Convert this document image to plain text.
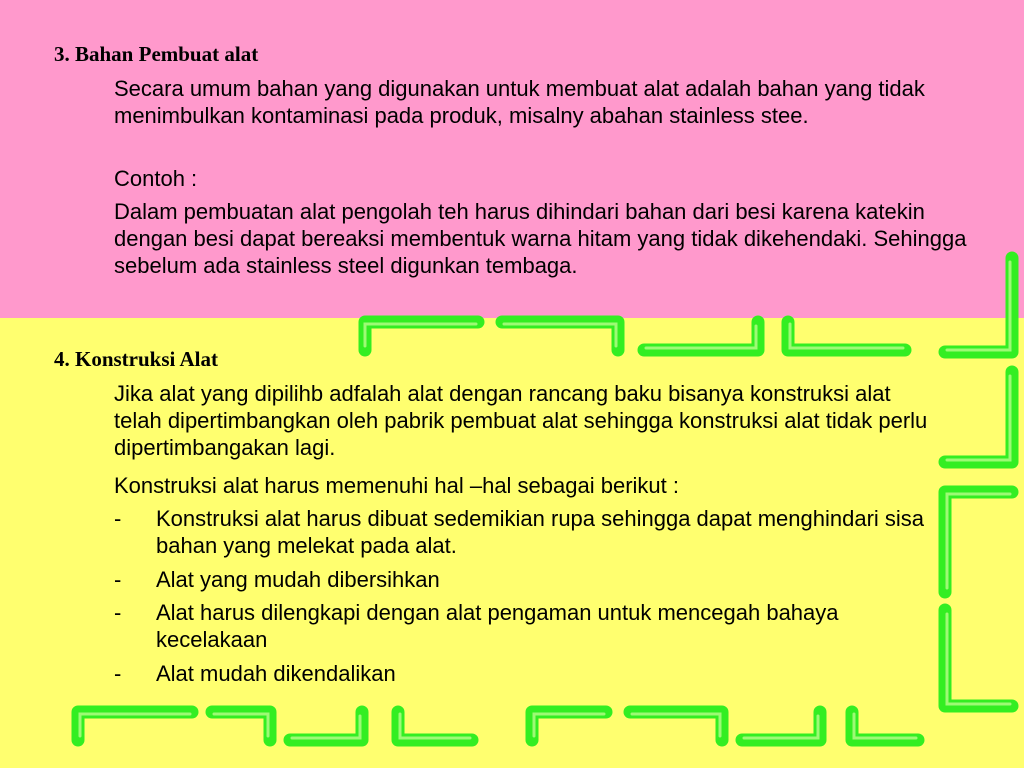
3. Bahan Pembuat alat

Secara umum bahan yang digunakan untuk membuat alat adalah bahan yang tidak menimbulkan kontaminasi pada produk, misalny abahan stainless stee.

Contoh :

Dalam pembuatan alat pengolah teh harus dihindari bahan dari besi karena katekin dengan besi dapat bereaksi membentuk warna hitam yang tidak dikehendaki. Sehingga sebelum ada stainless steel digunkan tembaga.

4. Konstruksi Alat

Jika alat yang dipilihb adfalah alat dengan rancang baku bisanya konstruksi alat telah dipertimbangkan oleh pabrik pembuat alat sehingga konstruksi alat tidak perlu dipertimbangakan lagi.

Konstruksi alat harus memenuhi hal –hal sebagai berikut :

- Konstruksi alat harus dibuat sedemikian rupa sehingga dapat menghindari sisa bahan yang melekat pada alat.
- Alat yang mudah dibersihkan
- Alat harus dilengkapi dengan alat pengaman untuk mencegah bahaya kecelakaan
- Alat mudah dikendalikan
